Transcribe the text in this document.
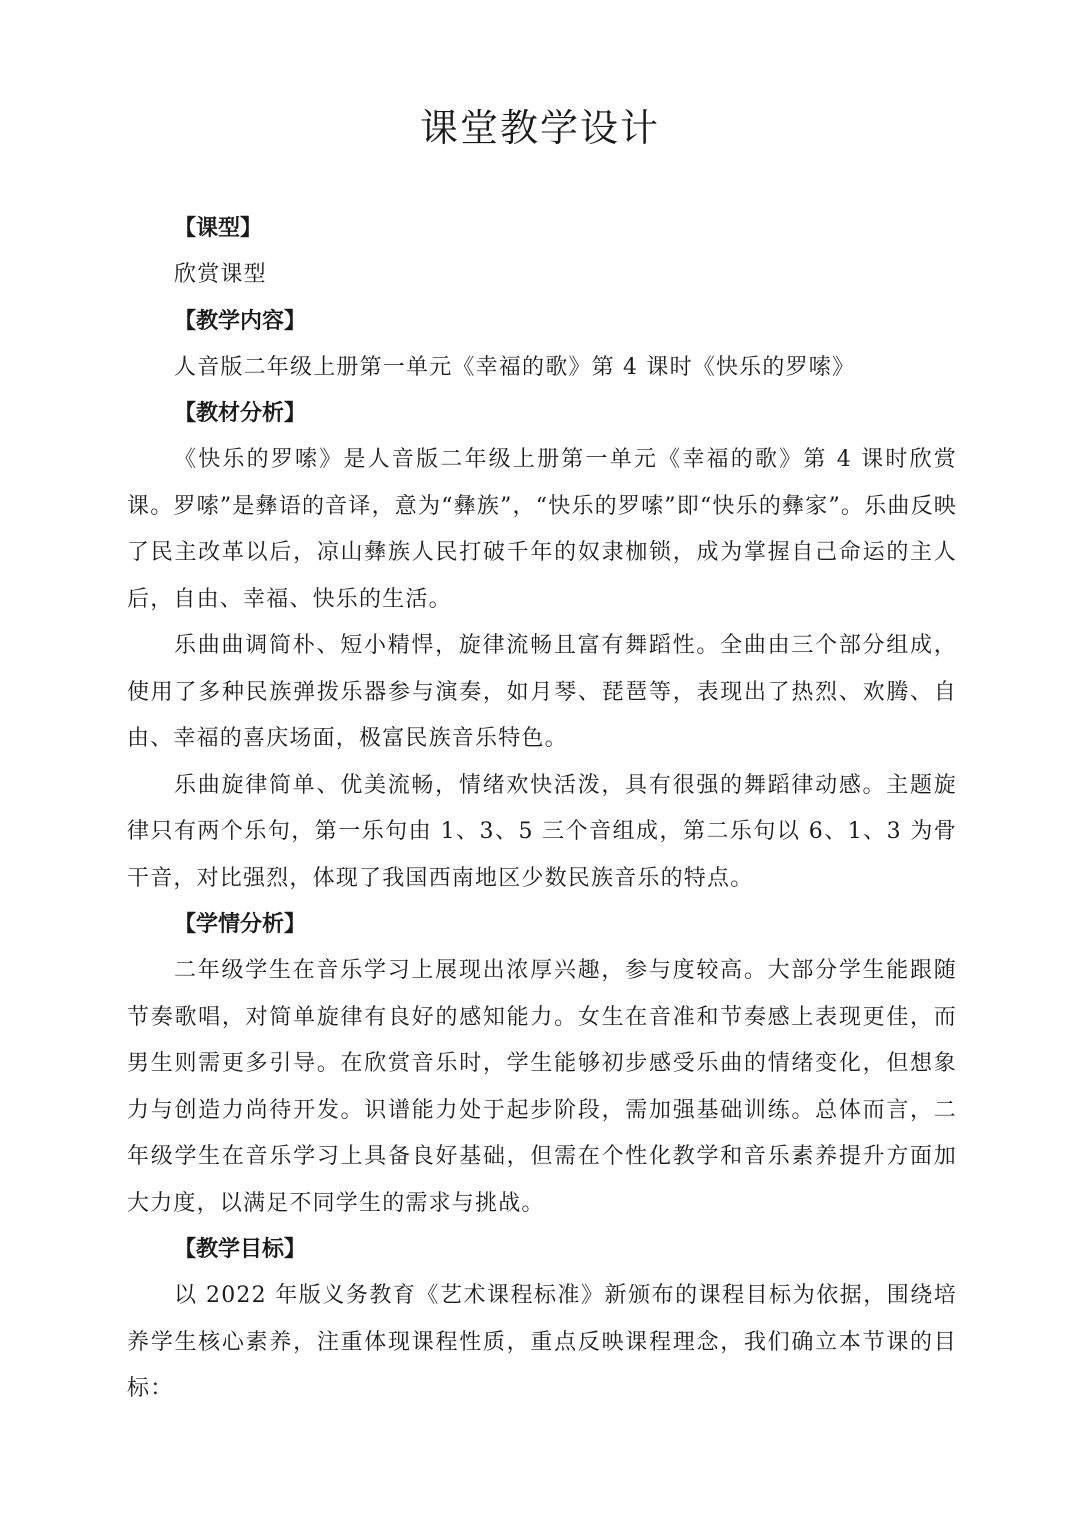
课堂教学设计

【课型】

欣赏课型

【教学内容】

人音版二年级上册第一单元《幸福的歌》第 4 课时《快乐的罗嗦》

【教材分析】

《快乐的罗嗦》是人音版二年级上册第一单元《幸福的歌》第 4 课时欣赏课。罗嗦”是彝语的音译，意为“彝族”，“快乐的罗嗦”即“快乐的彝家”。乐曲反映了民主改革以后，凉山彝族人民打破千年的奴隶枷锁，成为掌握自己命运的主人后，自由、幸福、快乐的生活。

乐曲曲调简朴、短小精悍，旋律流畅且富有舞蹈性。全曲由三个部分组成，使用了多种民族弹拨乐器参与演奏，如月琴、琵琶等，表现出了热烈、欢腾、自由、幸福的喜庆场面，极富民族音乐特色。

乐曲旋律简单、优美流畅，情绪欢快活泼，具有很强的舞蹈律动感。主题旋律只有两个乐句，第一乐句由 1、3、5 三个音组成，第二乐句以 6、1、3 为骨干音，对比强烈，体现了我国西南地区少数民族音乐的特点。

【学情分析】

二年级学生在音乐学习上展现出浓厚兴趣，参与度较高。大部分学生能跟随节奏歌唱，对简单旋律有良好的感知能力。女生在音准和节奏感上表现更佳，而男生则需更多引导。在欣赏音乐时，学生能够初步感受乐曲的情绪变化，但想象力与创造力尚待开发。识谱能力处于起步阶段，需加强基础训练。总体而言，二年级学生在音乐学习上具备良好基础，但需在个性化教学和音乐素养提升方面加大力度，以满足不同学生的需求与挑战。

【教学目标】

以 2022 年版义务教育《艺术课程标准》新颁布的课程目标为依据，围绕培养学生核心素养，注重体现课程性质，重点反映课程理念，我们确立本节课的目标：
